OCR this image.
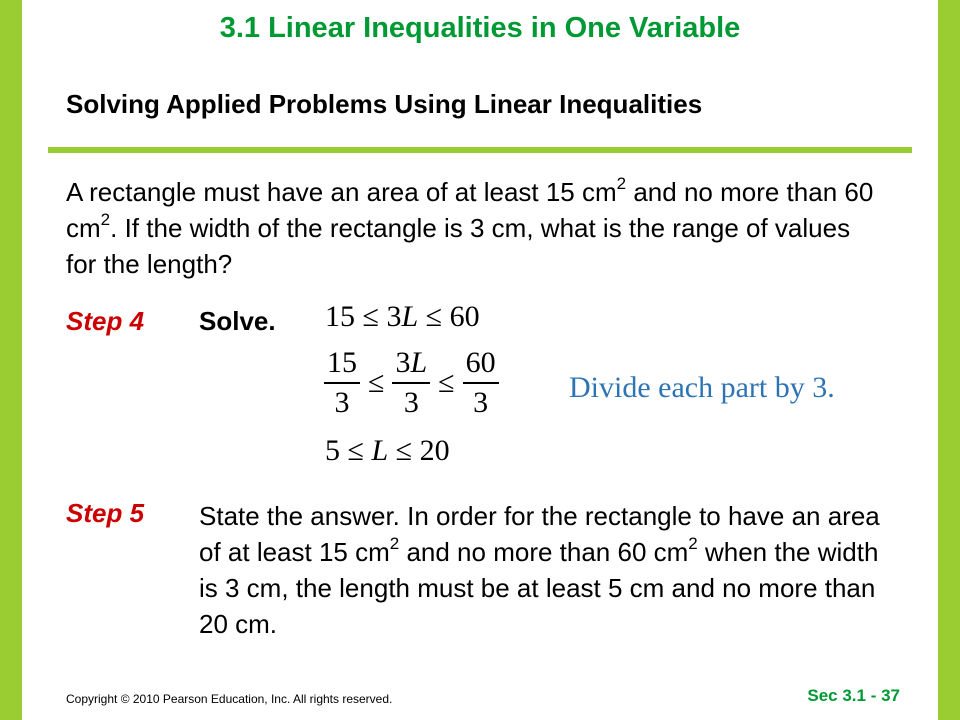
3.1 Linear Inequalities in One Variable
Solving Applied Problems Using Linear Inequalities
A rectangle must have an area of at least 15 $cm^2$ and no more than 60 $cm^2$. If the width of the rectangle is 3 cm, what is the range of values for the length?
Step 4 Solve. 15 ≤ 3L ≤ 60
$\frac{15}{3} \le \frac{3L}{3} \le \frac{60}{3}$ Divide each part by 3.
5 ≤ L ≤ 20
Step 5 State the answer. In order for the rectangle to have an area of at least 15 $cm^2$ and no more than 60 $cm^2$ when the width is 3 cm, the length must be at least 5 cm and no more than 20 cm.
Copyright © 2010 Pearson Education, Inc. All rights reserved.	Sec 3.1 - 37
